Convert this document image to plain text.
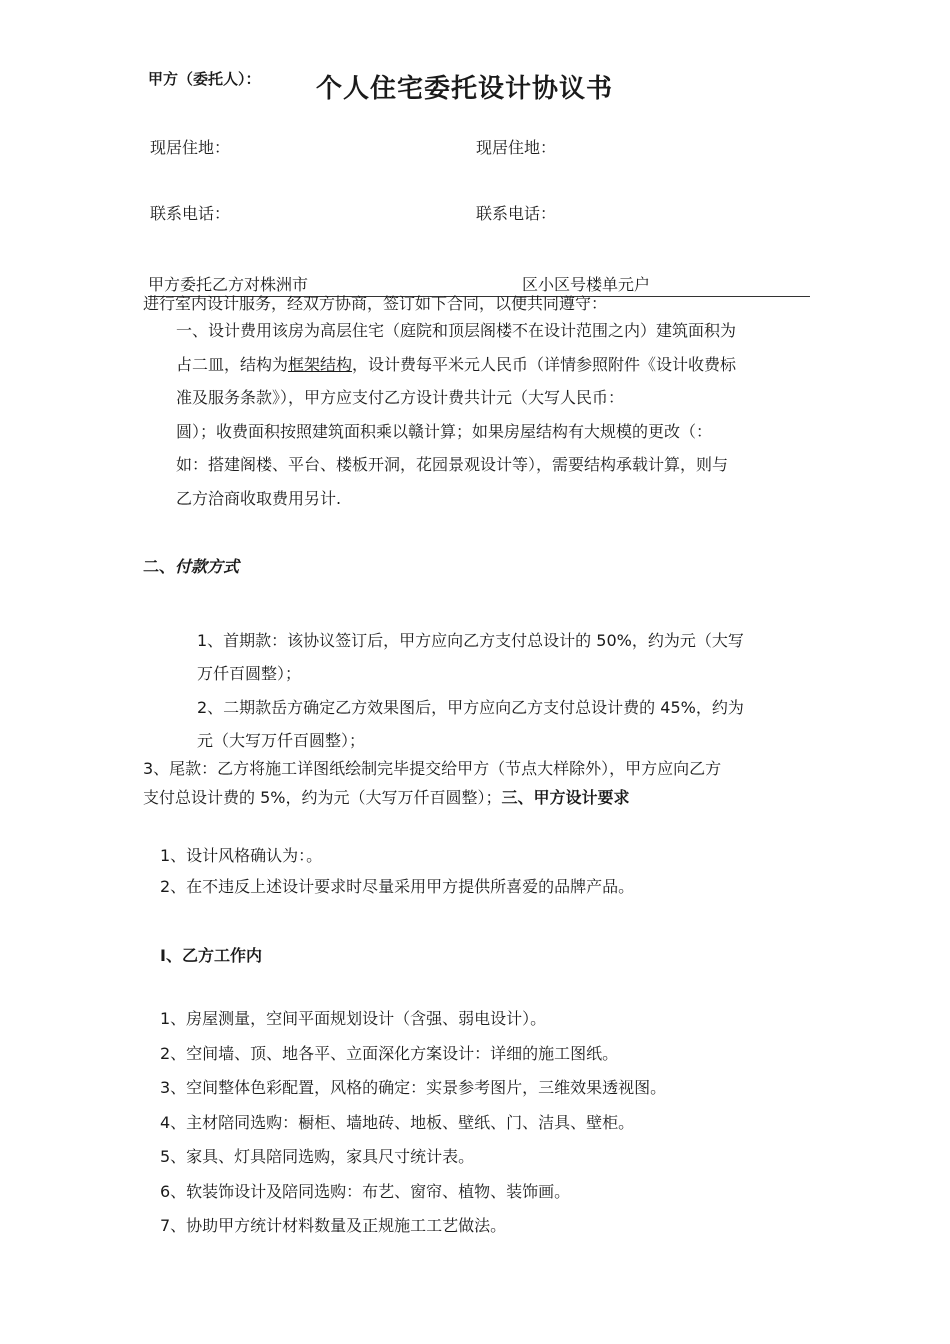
甲方（委托人）： 个人住宅委托设计协议书
现居住地：	现居住地：
联系电话：	联系电话：
甲方委托乙方对株洲市	区小区号楼单元户
进行室内设计服务，经双方协商，签订如下合同，以便共同遵守：
一、设计费用该房为高层住宅（庭院和顶层阁楼不在设计范围之内）建筑面积为
占二皿，结构为框架结构，设计费每平米元人民币（详情参照附件《设计收费标
准及服务条款》），甲方应支付乙方设计费共计元（大写人民币：
圆）；收费面积按照建筑面积乘以赣计算；如果房屋结构有大规模的更改（：
如：搭建阁楼、平台、楼板开洞，花园景观设计等），需要结构承载计算，则与
乙方洽商收取费用另计.
二、付款方式
1、首期款：该协议签订后，甲方应向乙方支付总设计的 50%，约为元（大写
万仟百圆整）；
2、二期款岳方确定乙方效果图后，甲方应向乙方支付总设计费的 45%，约为
元（大写万仟百圆整）；
3、尾款：乙方将施工详图纸绘制完毕提交给甲方（节点大样除外），甲方应向乙方
支付总设计费的 5%，约为元（大写万仟百圆整）；三、甲方设计要求
1、设计风格确认为：。
2、在不违反上述设计要求时尽量采用甲方提供所喜爱的品牌产品。
I、乙方工作内
1、房屋测量，空间平面规划设计（含强、弱电设计）。
2、空间墙、顶、地各平、立面深化方案设计：详细的施工图纸。
3、空间整体色彩配置，风格的确定：实景参考图片，三维效果透视图。
4、主材陪同选购：橱柜、墙地砖、地板、壁纸、门、洁具、壁柜。
5、家具、灯具陪同选购，家具尺寸统计表。
6、软装饰设计及陪同选购：布艺、窗帘、植物、装饰画。
7、协助甲方统计材料数量及正规施工工艺做法。
